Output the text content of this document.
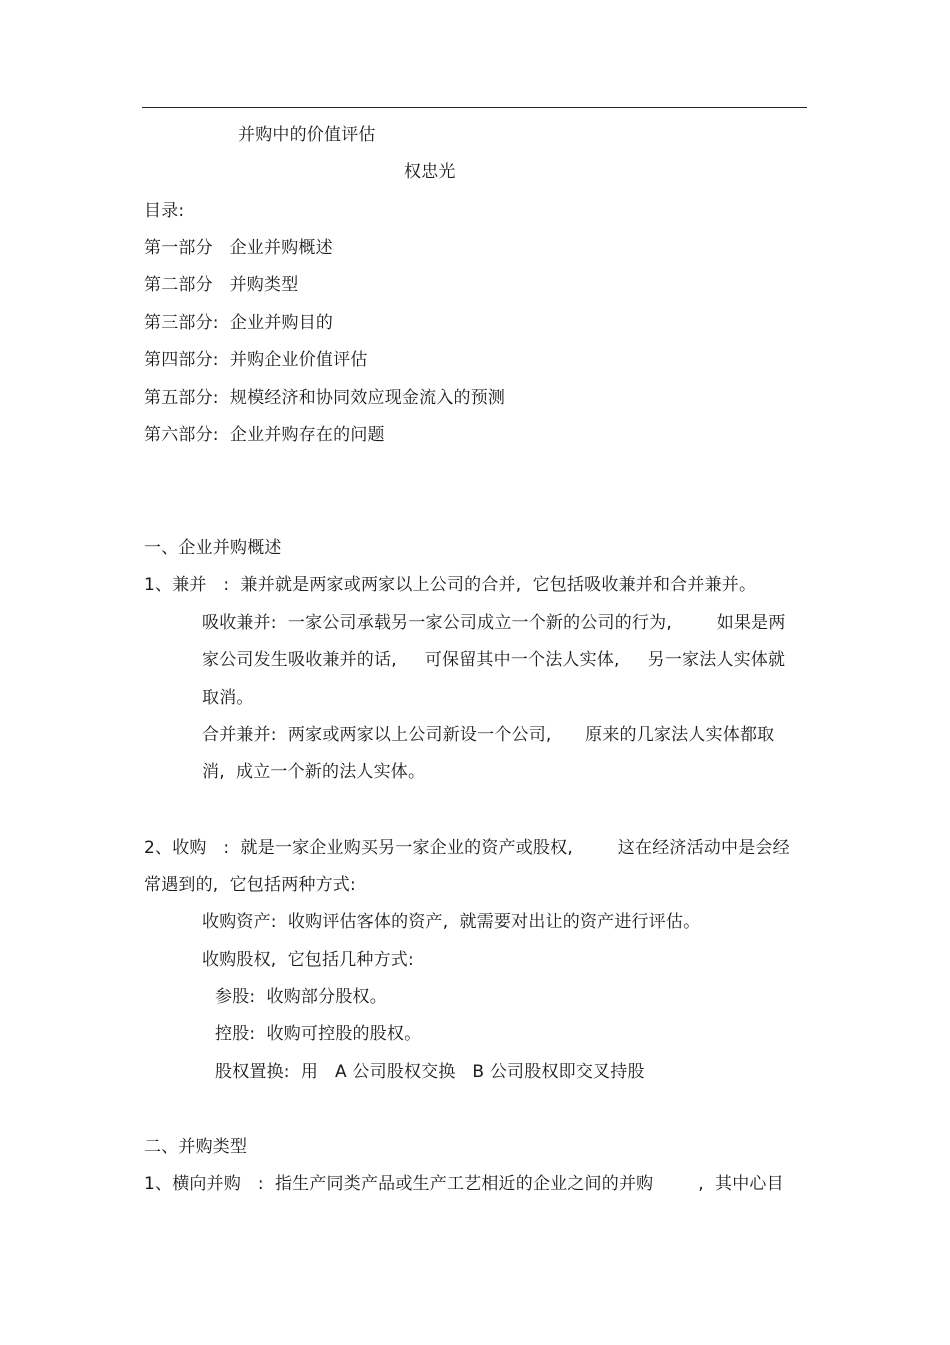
并购中的价值评估
权忠光
目录:
第一部分   企业并购概述
第二部分   并购类型
第三部分:  企业并购目的
第四部分:  并购企业价值评估
第五部分:  规模经济和协同效应现金流入的预测
第六部分:  企业并购存在的问题
一、企业并购概述
1、兼并   :  兼并就是两家或两家以上公司的合并,  它包括吸收兼并和合并兼并。
吸收兼并:  一家公司承载另一家公司成立一个新的公司的行为,        如果是两
家公司发生吸收兼并的话,     可保留其中一个法人实体,     另一家法人实体就
取消。
合并兼并:  两家或两家以上公司新设一个公司,      原来的几家法人实体都取
消,  成立一个新的法人实体。
2、收购   :  就是一家企业购买另一家企业的资产或股权,        这在经济活动中是会经
常遇到的,  它包括两种方式:
收购资产:  收购评估客体的资产,  就需要对出让的资产进行评估。
收购股权,  它包括几种方式:
参股:  收购部分股权。
控股:  收购可控股的股权。
股权置换:  用   A 公司股权交换   B 公司股权即交叉持股
二、并购类型
1、横向并购   :  指生产同类产品或生产工艺相近的企业之间的并购        ,  其中心目
